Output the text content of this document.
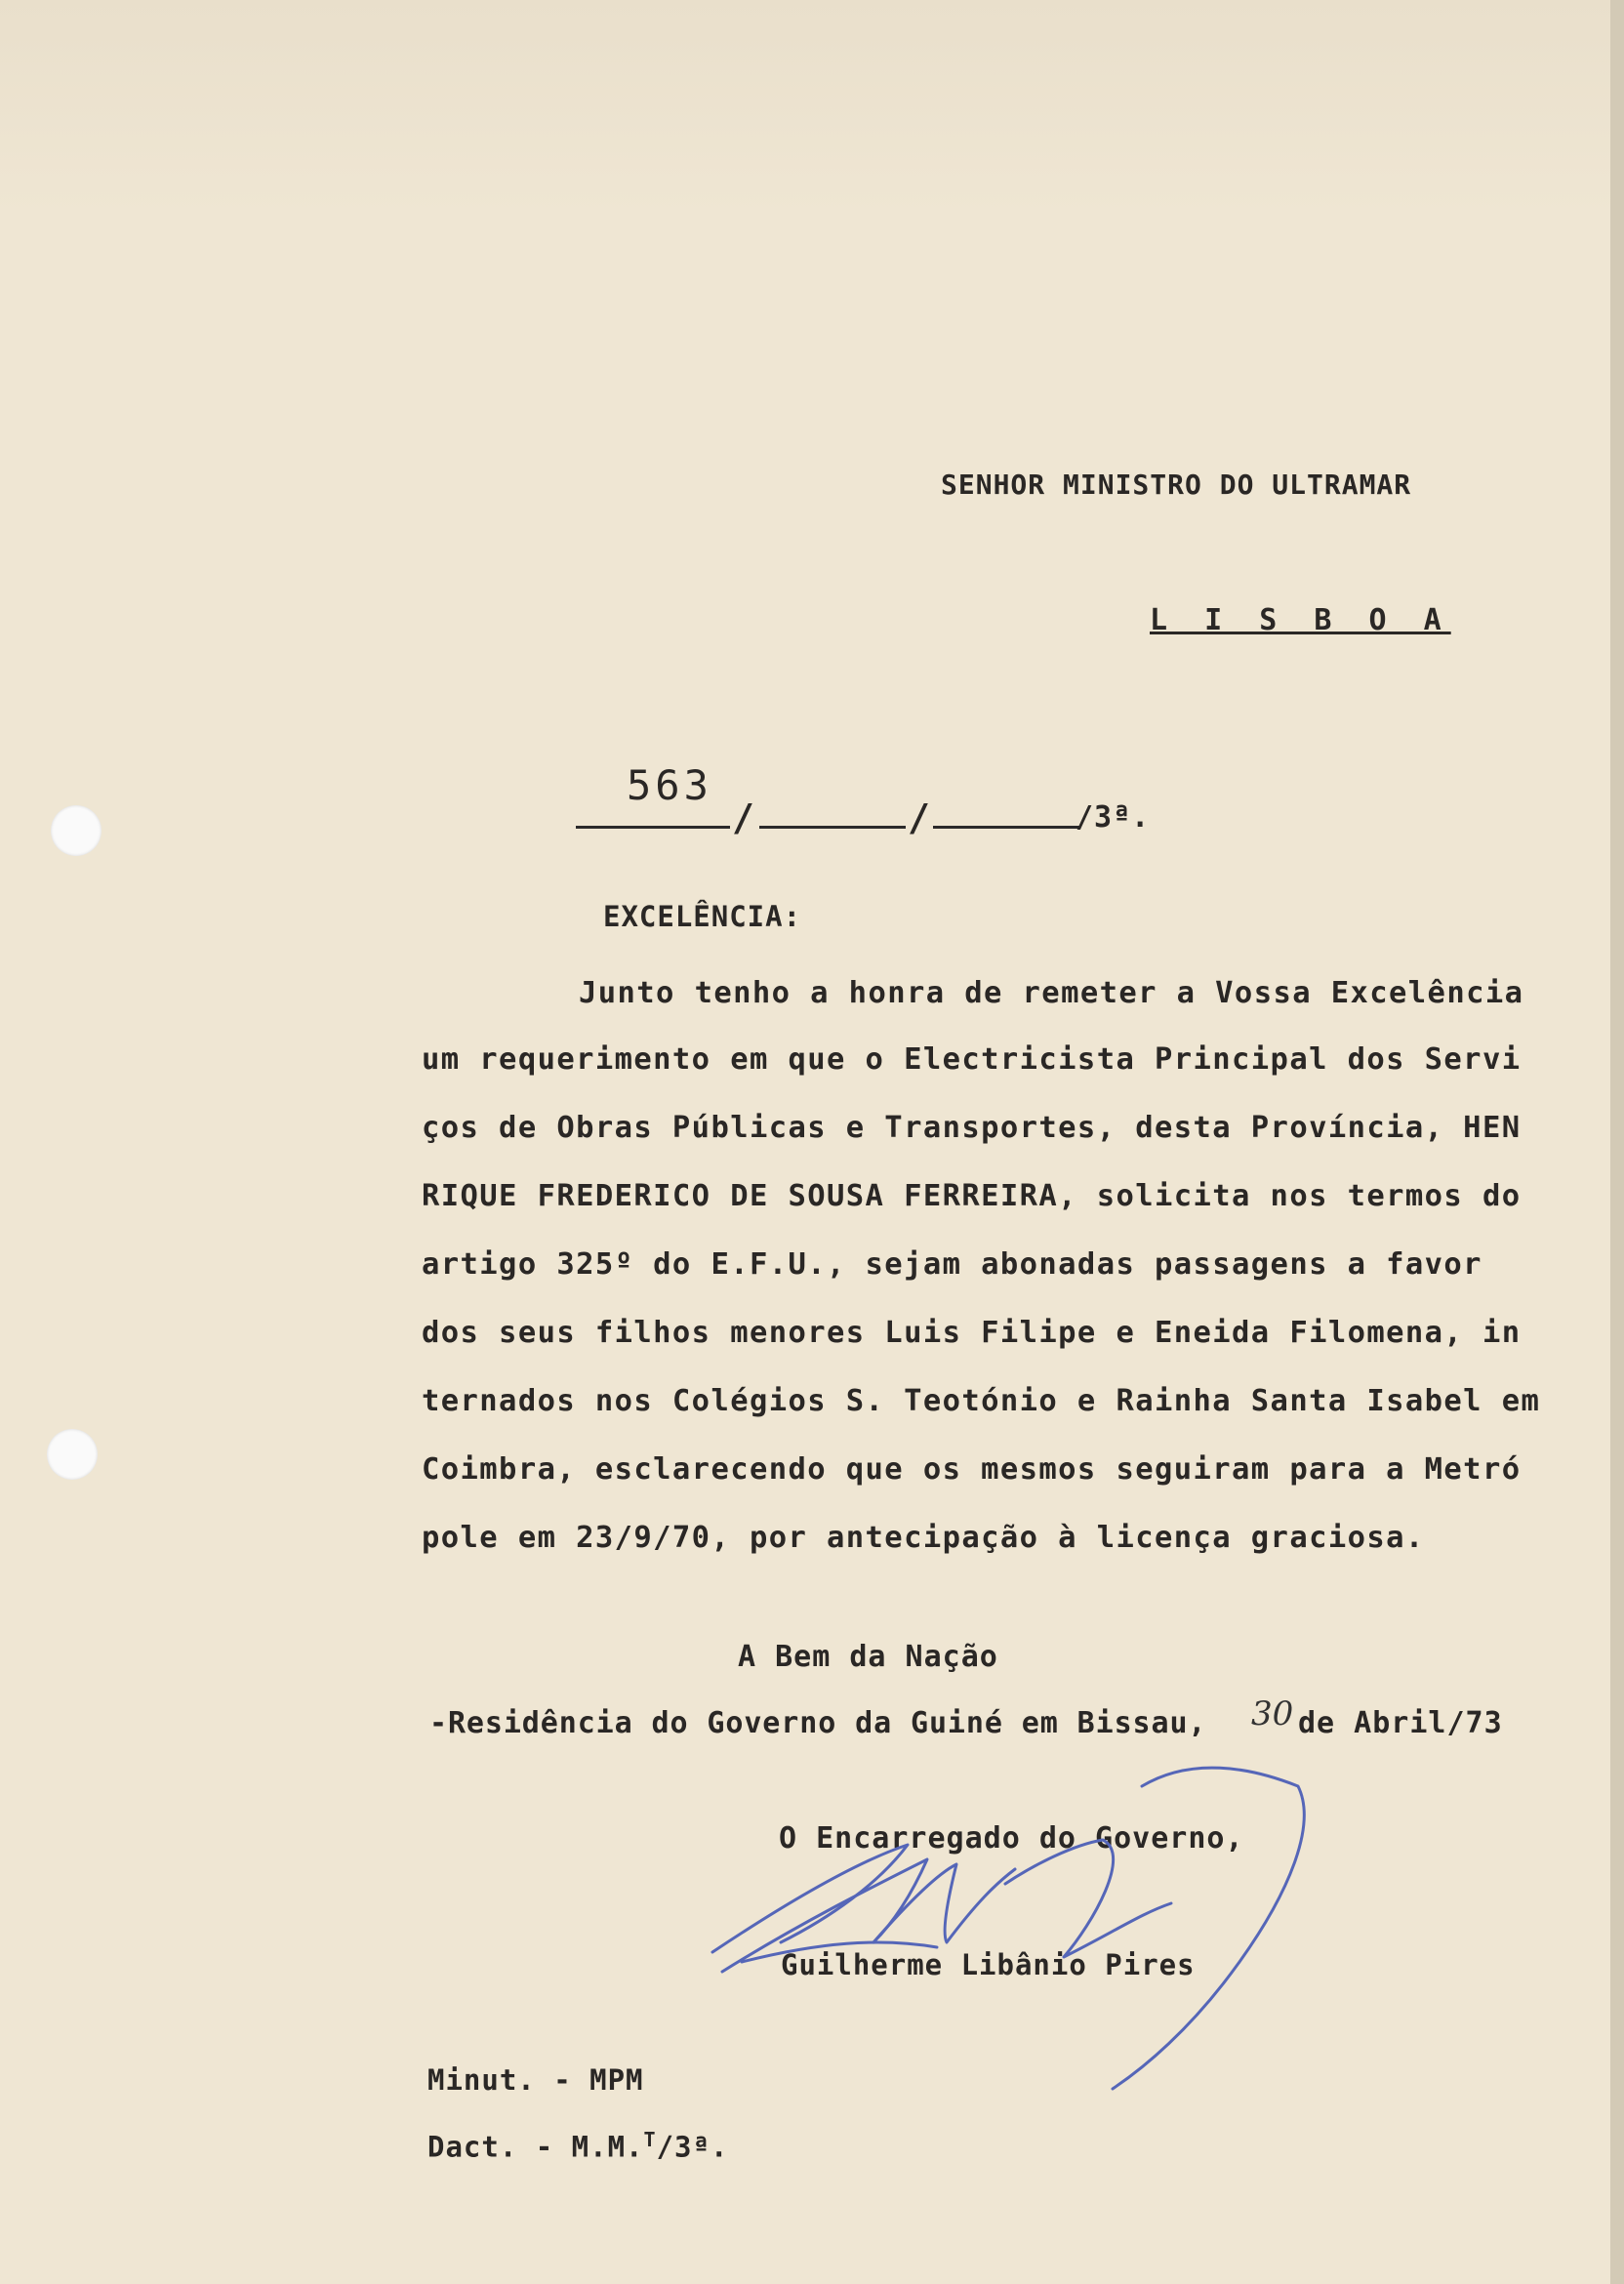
SENHOR MINISTRO DO ULTRAMAR

L I S B O A

563
/	/	/3ª.

EXCELÊNCIA:

Junto tenho a honra de remeter a Vossa Excelência

um requerimento em que o Electricista Principal dos Servi

ços de Obras Públicas e Transportes, desta Província, HEN

RIQUE FREDERICO DE SOUSA FERREIRA, solicita nos termos do

artigo 325º do E.F.U., sejam abonadas passagens a favor

dos seus filhos menores Luis Filipe e Eneida Filomena, in

ternados nos Colégios S. Teotónio e Rainha Santa Isabel em

Coimbra, esclarecendo que os mesmos seguiram para a Metró

pole em 23/9/70, por antecipação à licença graciosa.

A Bem da Nação

-Residência do Governo da Guiné em Bissau, 30 de Abril/73

O Encarregado do Governo,

Guilherme Libânio Pires

Minut. - MPM

Dact. - M.M.$^T$/3ª.
